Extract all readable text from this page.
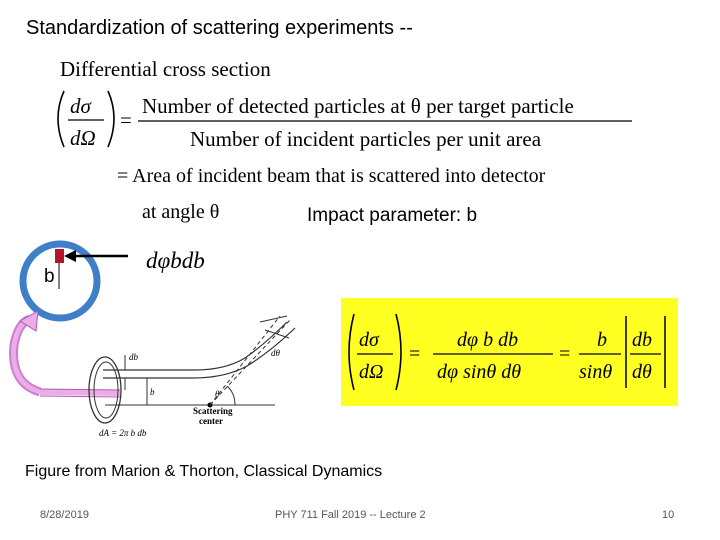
Standardization of scattering experiments --
Differential cross section
dσ
dΩ
=
Number of detected particles at θ per target particle
Number of incident particles per unit area
= Area of incident beam that is scattered into detector
at angle θ	Impact parameter: b
b
dφbdb
db
b
dθ
θ
Scattering
center
dA = 2π b db
dσ
dΩ
=
dφ b db
dφ sinθ dθ
=
b
sinθ
db
dθ
Figure from Marion & Thorton, Classical Dynamics
8/28/2019	PHY 711 Fall 2019 -- Lecture 2	10
